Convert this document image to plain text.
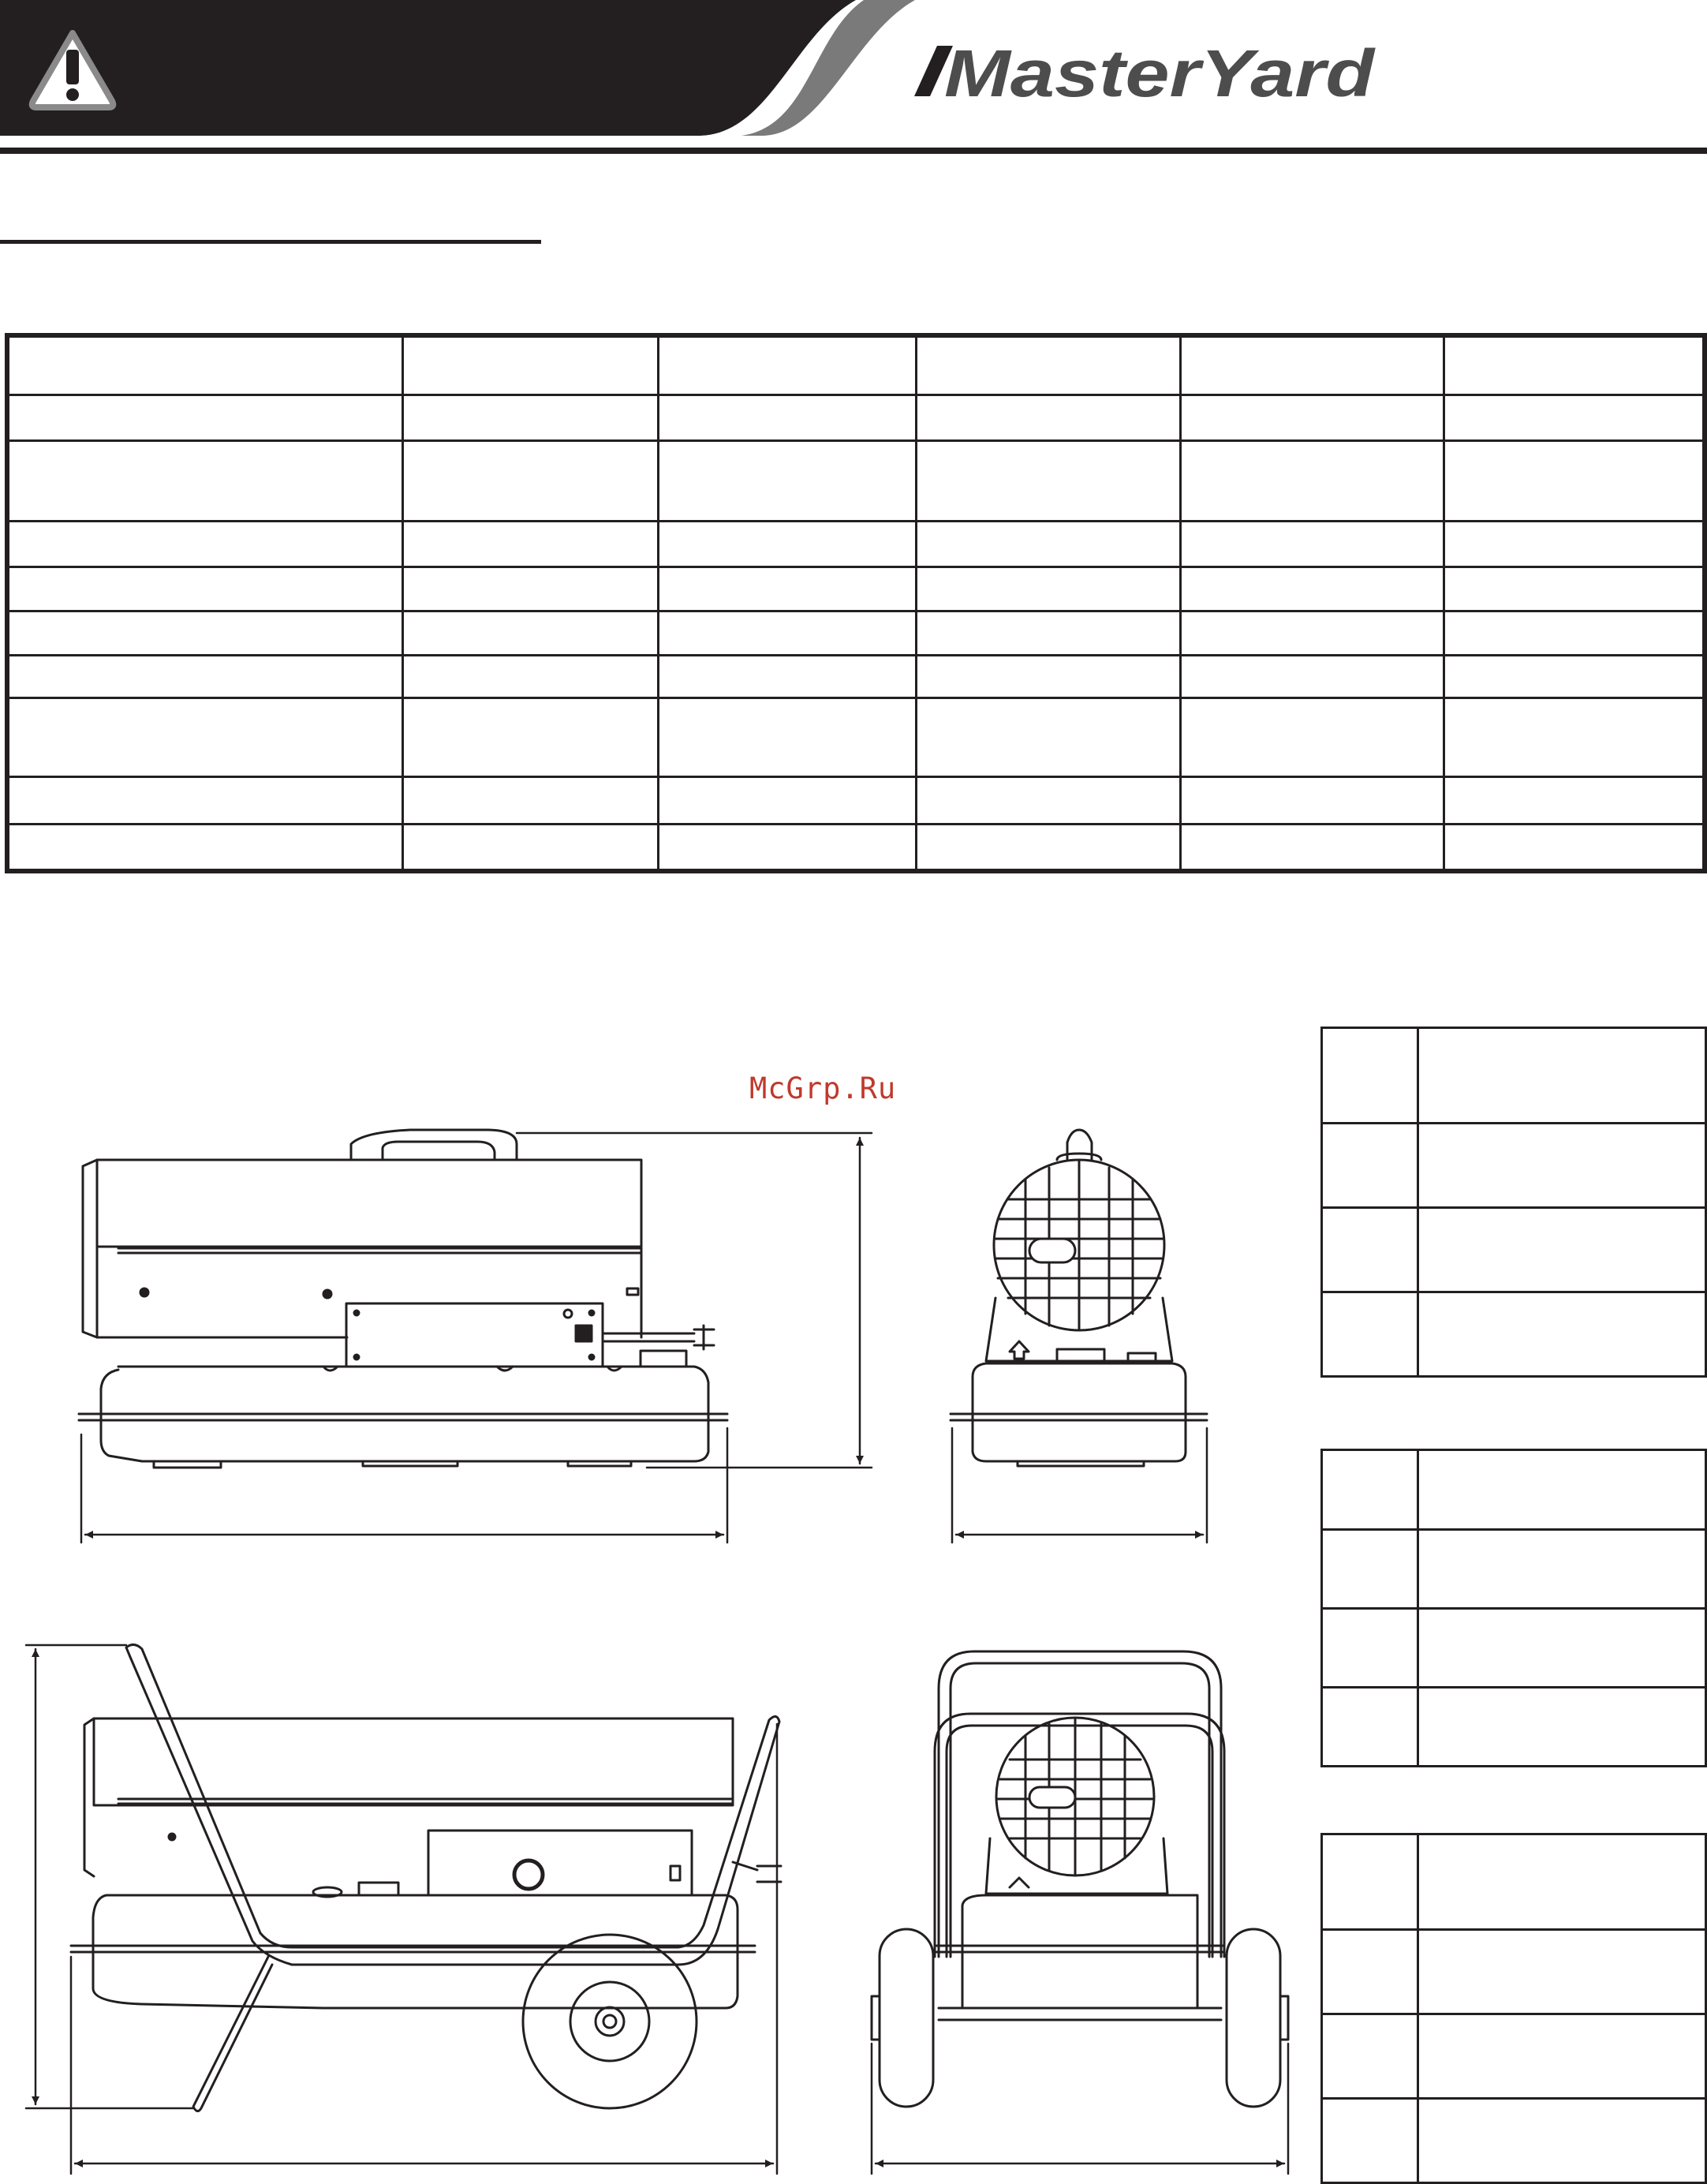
MasterYard

McGrp.Ru
